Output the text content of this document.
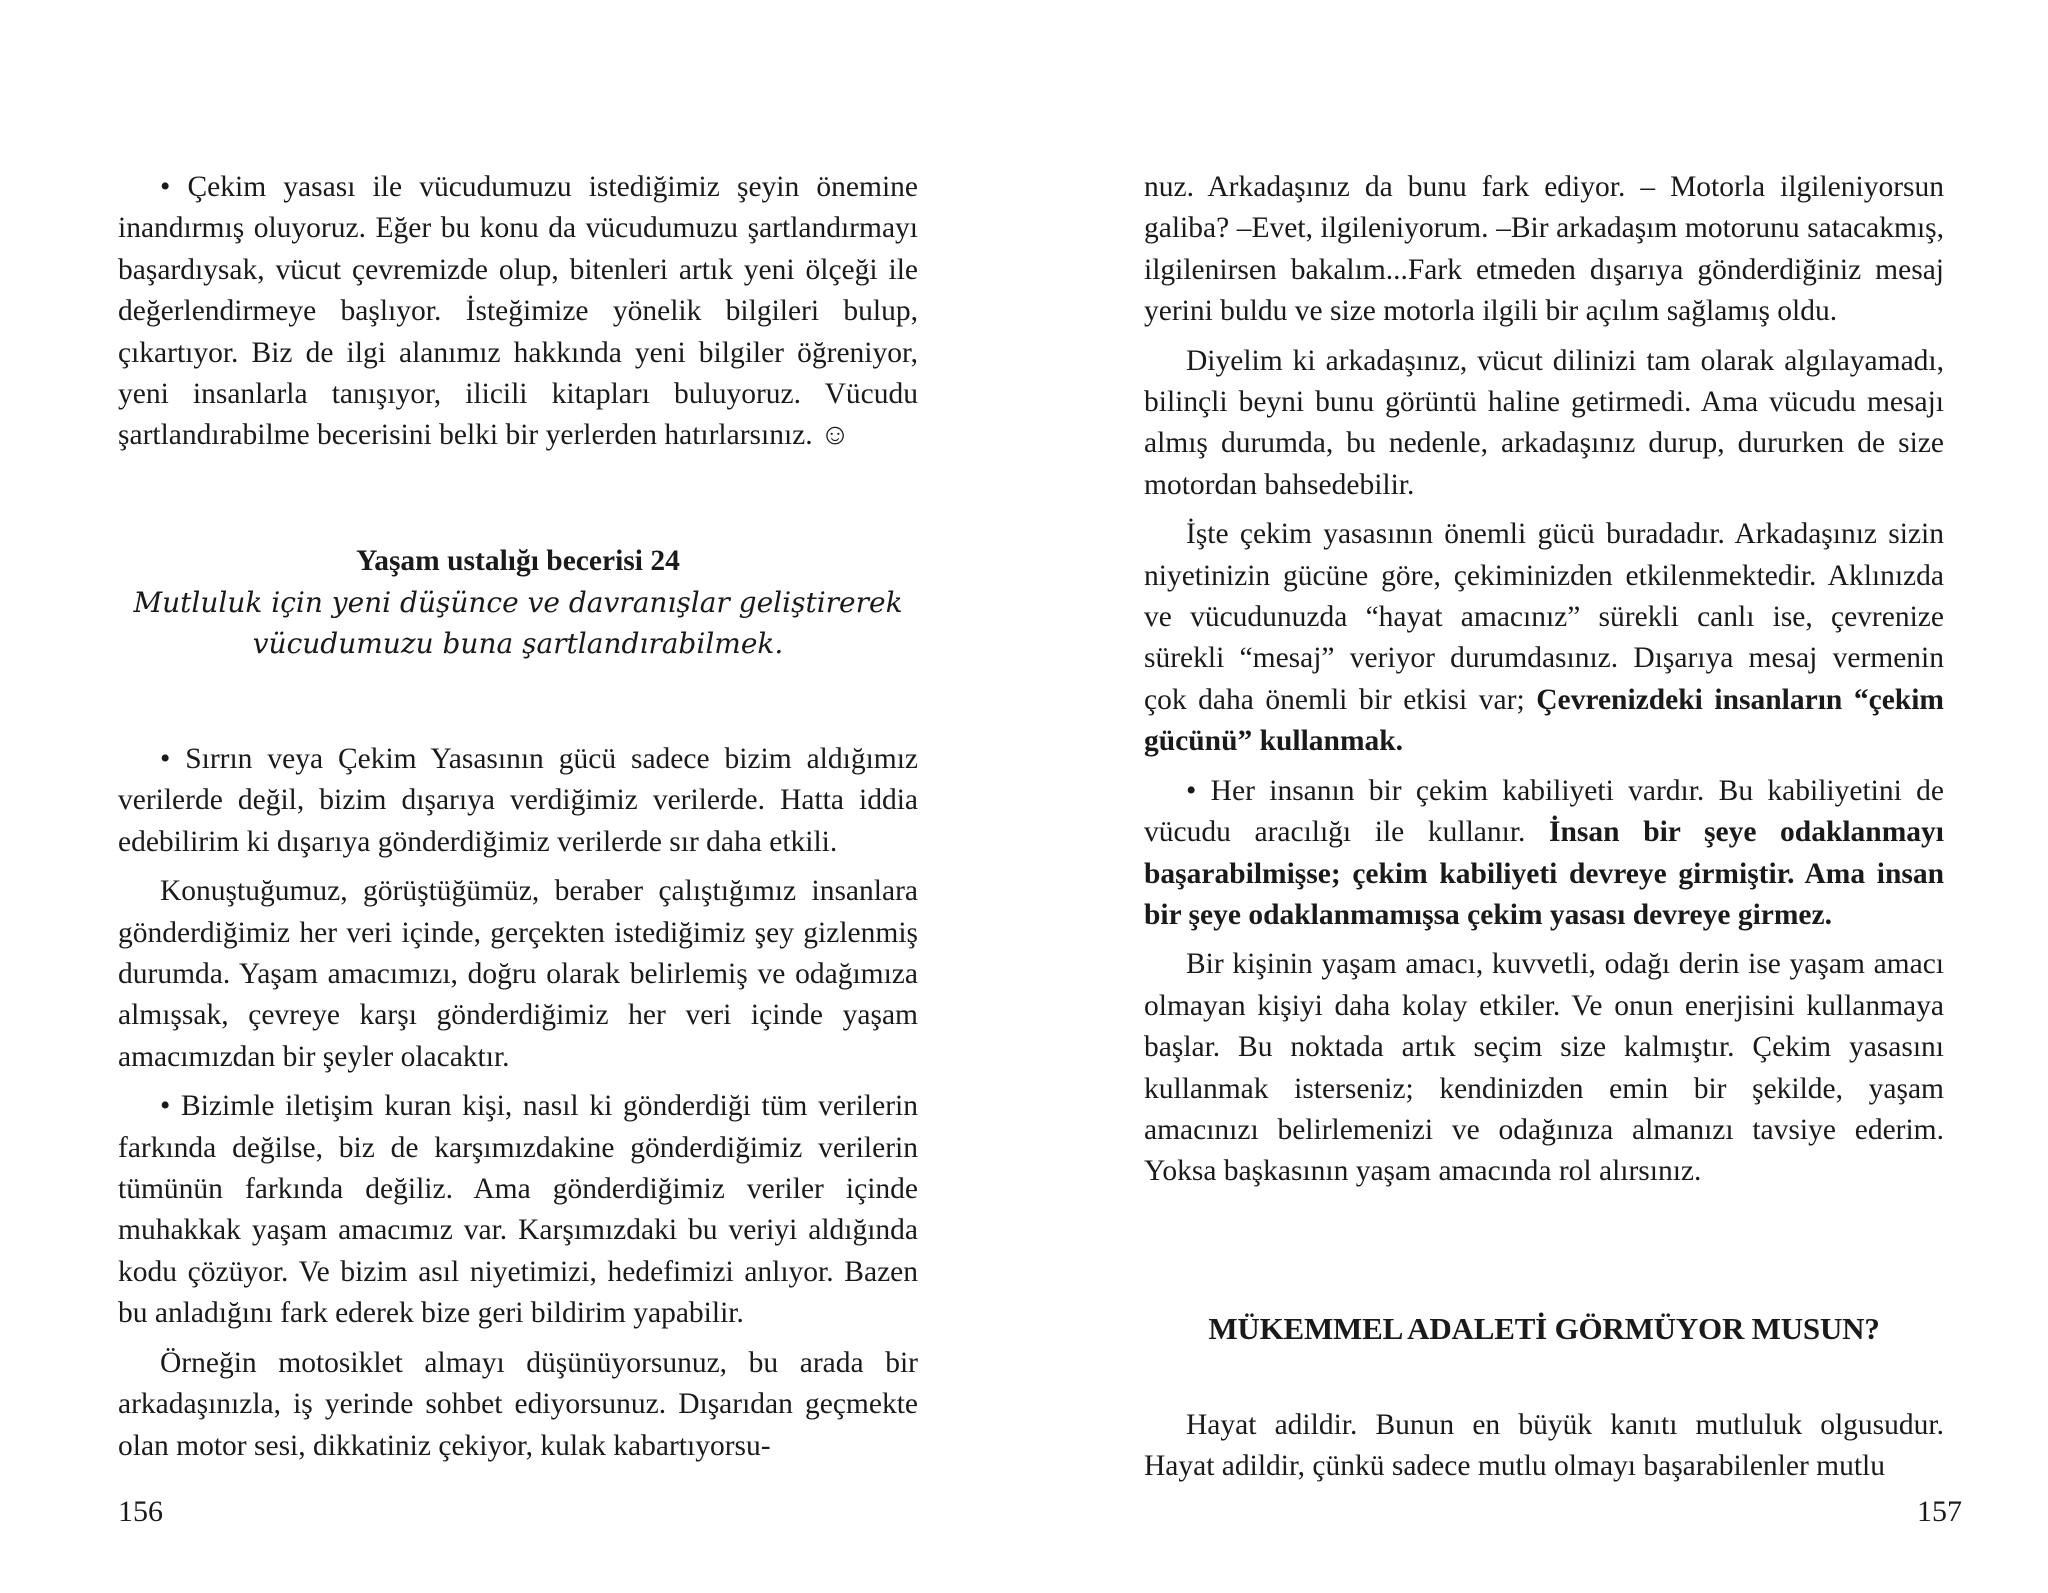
• Çekim yasası ile vücudumuzu istediğimiz şeyin önemine inandırmış oluyoruz. Eğer bu konu da vücudumuzu şartlandırmayı başardıysak, vücut çevremizde olup, bitenleri artık yeni ölçeği ile değerlendirmeye başlıyor. İsteğimize yönelik bilgileri bulup, çıkartıyor. Biz de ilgi alanımız hakkında yeni bilgiler öğreniyor, yeni insanlarla tanışıyor, ilicili kitapları buluyoruz. Vücudu şartlandırabilme becerisini belki bir yerlerden hatırlarsınız. ☺

Yaşam ustalığı becerisi 24

Mutluluk için yeni düşünce ve davranışlar geliştirerek

vücudumuzu buna şartlandırabilmek.

• Sırrın veya Çekim Yasasının gücü sadece bizim aldığımız verilerde değil, bizim dışarıya verdiğimiz verilerde. Hatta iddia edebilirim ki dışarıya gönderdiğimiz verilerde sır daha etkili.

Konuştuğumuz, görüştüğümüz, beraber çalıştığımız insanlara gönderdiğimiz her veri içinde, gerçekten istediğimiz şey gizlenmiş durumda. Yaşam amacımızı, doğru olarak belirlemiş ve odağımıza almışsak, çevreye karşı gönderdiğimiz her veri içinde yaşam amacımızdan bir şeyler olacaktır.

• Bizimle iletişim kuran kişi, nasıl ki gönderdiği tüm verilerin farkında değilse, biz de karşımızdakine gönderdiğimiz verilerin tümünün farkında değiliz. Ama gönderdiğimiz veriler içinde muhakkak yaşam amacımız var. Karşımızdaki bu veriyi aldığında kodu çözüyor. Ve bizim asıl niyetimizi, hedefimizi anlıyor. Bazen bu anladığını fark ederek bize geri bildirim yapabilir.

Örneğin motosiklet almayı düşünüyorsunuz, bu arada bir arkadaşınızla, iş yerinde sohbet ediyorsunuz. Dışarıdan geçmekte olan motor sesi, dikkatiniz çekiyor, kulak kabartıyorsu-

156

nuz. Arkadaşınız da bunu fark ediyor. – Motorla ilgileniyorsun galiba? –Evet, ilgileniyorum. –Bir arkadaşım motorunu satacakmış, ilgilenirsen bakalım...Fark etmeden dışarıya gönderdiğiniz mesaj yerini buldu ve size motorla ilgili bir açılım sağlamış oldu.

Diyelim ki arkadaşınız, vücut dilinizi tam olarak algılayamadı, bilinçli beyni bunu görüntü haline getirmedi. Ama vücudu mesajı almış durumda, bu nedenle, arkadaşınız durup, dururken de size motordan bahsedebilir.

İşte çekim yasasının önemli gücü buradadır. Arkadaşınız sizin niyetinizin gücüne göre, çekiminizden etkilenmektedir. Aklınızda ve vücudunuzda “hayat amacınız” sürekli canlı ise, çevrenize sürekli “mesaj” veriyor durumdasınız. Dışarıya mesaj vermenin çok daha önemli bir etkisi var; Çevrenizdeki insanların “çekim gücünü” kullanmak.

• Her insanın bir çekim kabiliyeti vardır. Bu kabiliyetini de vücudu aracılığı ile kullanır. İnsan bir şeye odaklanmayı başarabilmişse; çekim kabiliyeti devreye girmiştir. Ama insan bir şeye odaklanmamışsa çekim yasası devreye girmez.

Bir kişinin yaşam amacı, kuvvetli, odağı derin ise yaşam amacı olmayan kişiyi daha kolay etkiler. Ve onun enerjisini kullanmaya başlar. Bu noktada artık seçim size kalmıştır. Çekim yasasını kullanmak isterseniz; kendinizden emin bir şekilde, yaşam amacınızı belirlemenizi ve odağınıza almanızı tavsiye ederim. Yoksa başkasının yaşam amacında rol alırsınız.

MÜKEMMEL ADALETİ GÖRMÜYOR MUSUN?

Hayat adildir. Bunun en büyük kanıtı mutluluk olgusudur. Hayat adildir, çünkü sadece mutlu olmayı başarabilenler mutlu

157
